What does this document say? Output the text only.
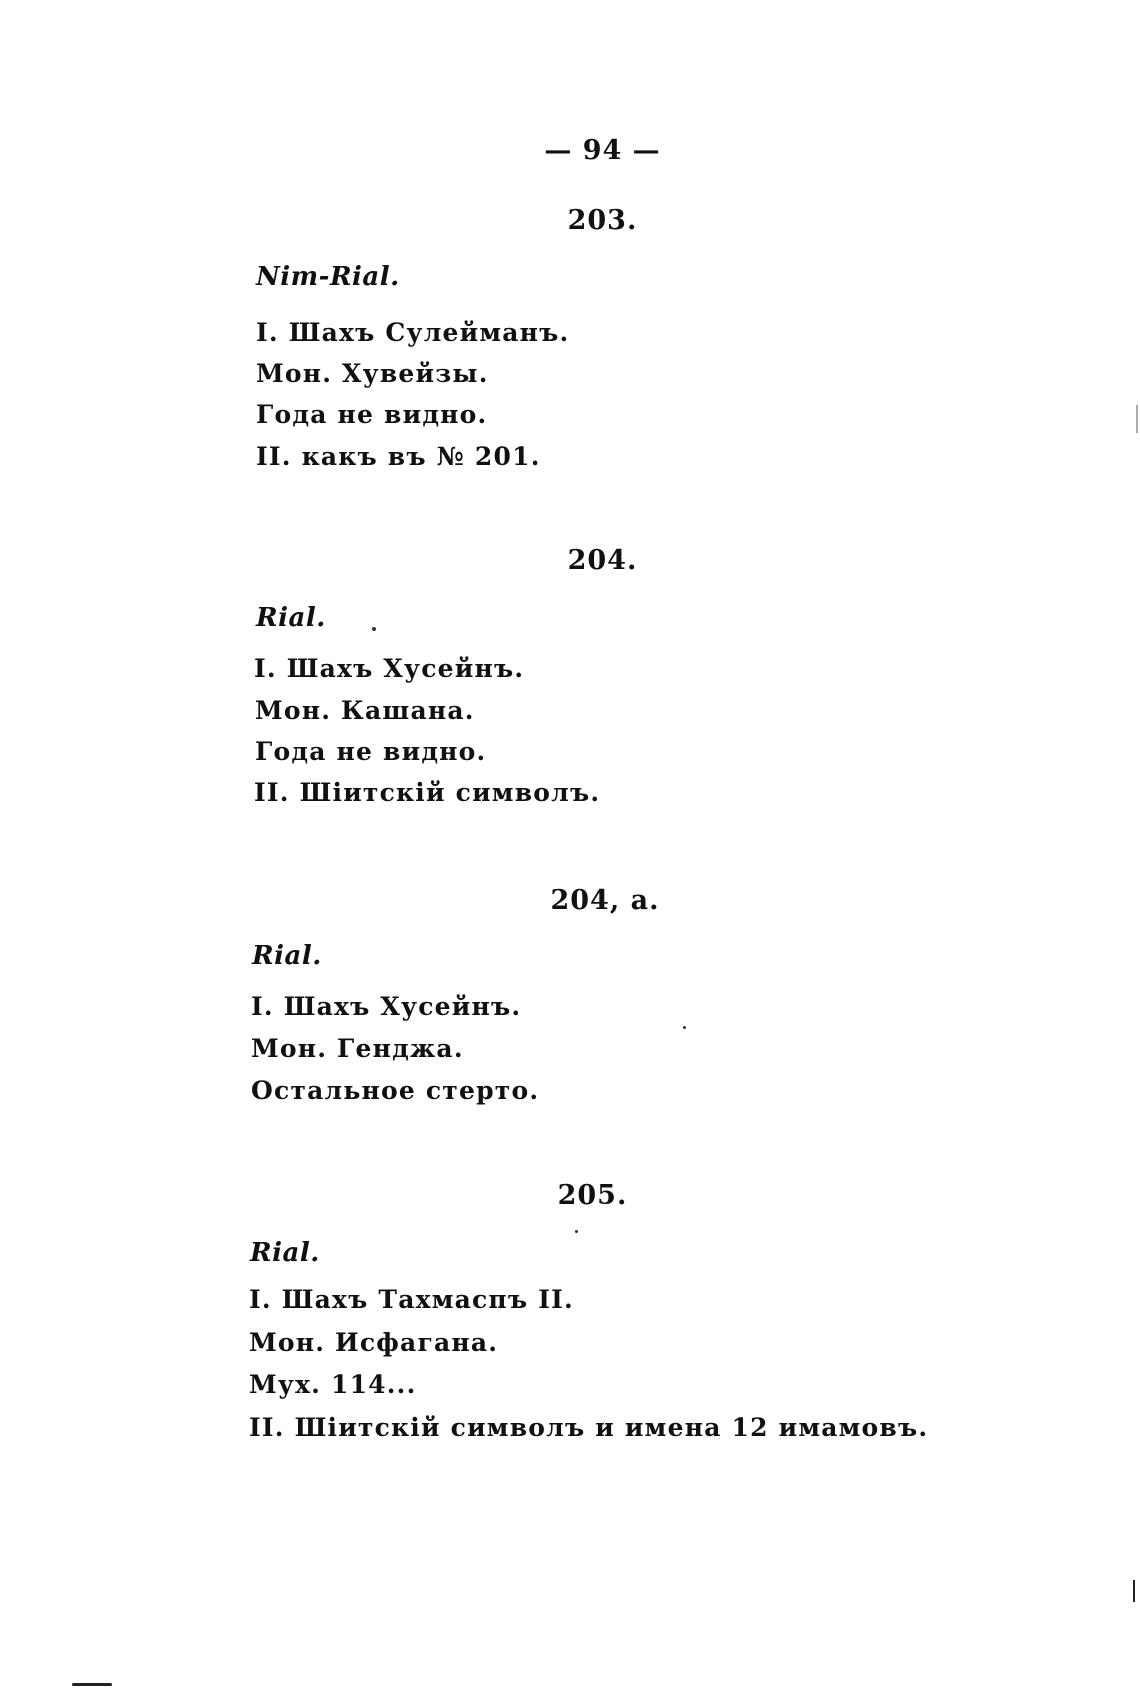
— 94 —
203.
Nim-Rial.
I. Шахъ Сулейманъ.
Мон. Хувейзы.
Года не видно.
II. какъ въ № 201.
204.
Rial.
I. Шахъ Хусейнъ.
Мон. Кашана.
Года не видно.
II. Шіитскій символъ.
204, а.
Rial.
I. Шахъ Хусейнъ.
Мон. Генджа.
Остальное стерто.
205.
Rial.
I. Шахъ Тахмаспъ II.
Мон. Исфагана.
Мух. 114...
II. Шіитскій символъ и имена 12 имамовъ.
